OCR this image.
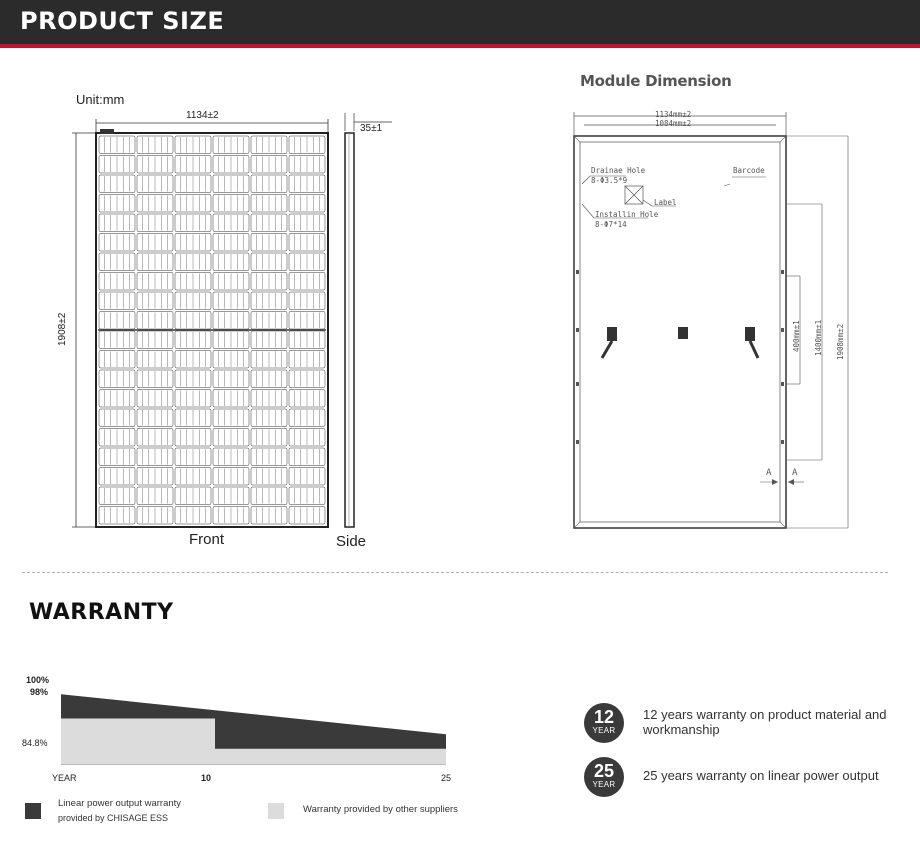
PRODUCT SIZE
Unit:mm
1134±2
1908±2
35±1
Front	Side
Module Dimension
1134mm±2
1084mm±2
Drainae Hole
8-Φ3.5*9
Label
Installin Hole
8-Φ7*14
Barcode
400mm±1 1400mm±1 1908mm±2
A A
WARRANTY
100%
98%
84.8%
YEAR	10	25
Linear power output warranty
provided by CHISAGE ESS
Warranty provided by other suppliers
12
YEAR
12 years warranty on product material and workmanship
25
YEAR
25 years warranty on linear power output
